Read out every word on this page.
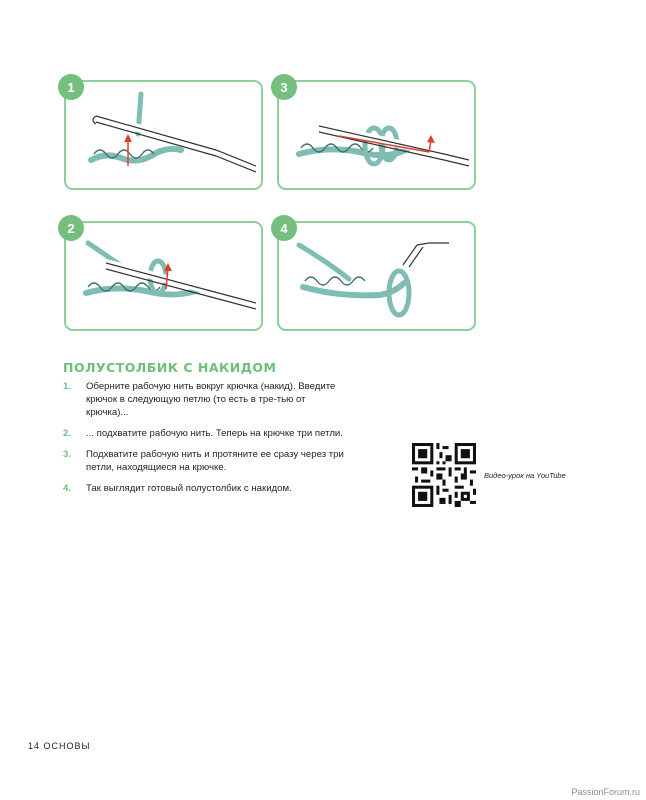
1	3
2	4
ПОЛУСТОЛБИК С НАКИДОМ
1. Оберните рабочую нить вокруг крючка (накид). Введите крючок в следующую петлю (то есть в тре-тью от крючка)...
2. ... подхватите рабочую нить. Теперь на крючке три петли.
3. Подхватите рабочую нить и протяните ее сразу через три петли, находящиеся на крючке.
4. Так выглядит готовый полустолбик с накидом.
Видео-урок на YouTube
14 ОСНОВЫ
PassionForum.ru
